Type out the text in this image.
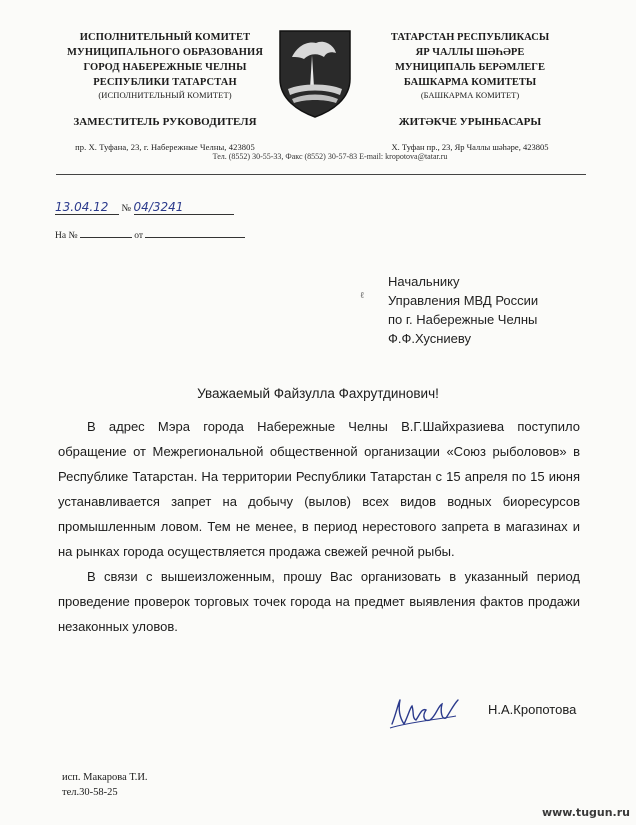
ИСПОЛНИТЕЛЬНЫЙ КОМИТЕТ
МУНИЦИПАЛЬНОГО ОБРАЗОВАНИЯ
ГОРОД НАБЕРЕЖНЫЕ ЧЕЛНЫ
РЕСПУБЛИКИ ТАТАРСТАН
(ИСПОЛНИТЕЛЬНЫЙ КОМИТЕТ)
ЗАМЕСТИТЕЛЬ РУКОВОДИТЕЛЯ
пр. Х. Туфана, 23, г. Набережные Челны, 423805
ТАТАРСТАН РЕСПУБЛИКАСЫ
ЯР ЧАЛЛЫ ШӘҺӘРЕ
МУНИЦИПАЛЬ БЕРӘМЛЕГЕ
БАШКАРМА КОМИТЕТЫ
(БАШКАРМА КОМИТЕТ)
ЖИТӘКЧЕ УРЫНБАСАРЫ
Х. Туфан пр., 23, Яр Чаллы шәһәре, 423805
Тел. (8552) 30-55-33, Факс (8552) 30-57-83 E-mail: kropotova@tatar.ru
13.04.12 № 04/3241
На №	от
ℓ
Начальнику
Управления МВД России
по г. Набережные Челны
Ф.Ф.Хусниеву
Уважаемый Файзулла Фахрутдинович!

В адрес Мэра города Набережные Челны В.Г.Шайхразиева поступило обращение от Межрегиональной общественной организации «Союз рыболовов» в Республике Татарстан. На территории Республики Татарстан с 15 апреля по 15 июня устанавливается запрет на добычу (вылов) всех видов водных биоресурсов промышленным ловом. Тем не менее, в период нерестового запрета в магазинах и на рынках города осуществляется продажа свежей речной рыбы.

В связи с вышеизложенным, прошу Вас организовать в указанный период проведение проверок торговых точек города на предмет выявления фактов продажи незаконных уловов.

Н.А.Кропотова
исп. Макарова Т.И.
тел.30-58-25
www.tugun.ru
